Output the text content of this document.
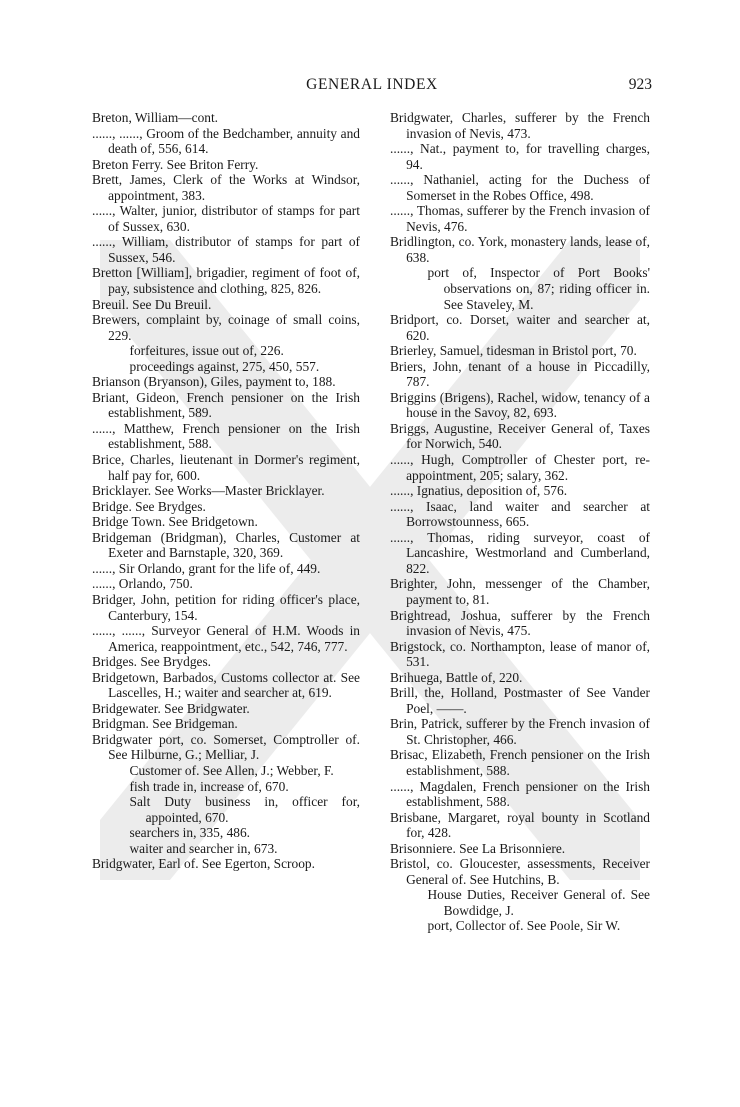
GENERAL INDEX	923
Breton, William—cont.
......, ......, Groom of the Bedchamber, annuity and death of, 556, 614.
Breton Ferry. See Briton Ferry.
Brett, James, Clerk of the Works at Windsor, appointment, 383.
......, Walter, junior, distributor of stamps for part of Sussex, 630.
......, William, distributor of stamps for part of Sussex, 546.
Bretton [William], brigadier, regiment of foot of, pay, subsistence and clothing, 825, 826.
Breuil. See Du Breuil.
Brewers, complaint by, coinage of small coins, 229.
forfeitures, issue out of, 226.
proceedings against, 275, 450, 557.
Brianson (Bryanson), Giles, payment to, 188.
Briant, Gideon, French pensioner on the Irish establishment, 589.
......, Matthew, French pensioner on the Irish establishment, 588.
Brice, Charles, lieutenant in Dormer's regiment, half pay for, 600.
Bricklayer. See Works—Master Bricklayer.
Bridge. See Brydges.
Bridge Town. See Bridgetown.
Bridgeman (Bridgman), Charles, Customer at Exeter and Barnstaple, 320, 369.
......, Sir Orlando, grant for the life of, 449.
......, Orlando, 750.
Bridger, John, petition for riding officer's place, Canterbury, 154.
......, ......, Surveyor General of H.M. Woods in America, reappointment, etc., 542, 746, 777.
Bridges. See Brydges.
Bridgetown, Barbados, Customs collector at. See Lascelles, H.; waiter and searcher at, 619.
Bridgewater. See Bridgwater.
Bridgman. See Bridgeman.
Bridgwater port, co. Somerset, Comptroller of. See Hilburne, G.; Melliar, J.
Customer of. See Allen, J.; Webber, F.
fish trade in, increase of, 670.
Salt Duty business in, officer for, appointed, 670.
searchers in, 335, 486.
waiter and searcher in, 673.
Bridgwater, Earl of. See Egerton, Scroop.
Bridgwater, Charles, sufferer by the French invasion of Nevis, 473.
......, Nat., payment to, for travelling charges, 94.
......, Nathaniel, acting for the Duchess of Somerset in the Robes Office, 498.
......, Thomas, sufferer by the French invasion of Nevis, 476.
Bridlington, co. York, monastery lands, lease of, 638.
port of, Inspector of Port Books' observations on, 87; riding officer in. See Staveley, M.
Bridport, co. Dorset, waiter and searcher at, 620.
Brierley, Samuel, tidesman in Bristol port, 70.
Briers, John, tenant of a house in Piccadilly, 787.
Briggins (Brigens), Rachel, widow, tenancy of a house in the Savoy, 82, 693.
Briggs, Augustine, Receiver General of, Taxes for Norwich, 540.
......, Hugh, Comptroller of Chester port, re-appointment, 205; salary, 362.
......, Ignatius, deposition of, 576.
......, Isaac, land waiter and searcher at Borrowstounness, 665.
......, Thomas, riding surveyor, coast of Lancashire, Westmorland and Cumberland, 822.
Brighter, John, messenger of the Chamber, payment to, 81.
Brightread, Joshua, sufferer by the French invasion of Nevis, 475.
Brigstock, co. Northampton, lease of manor of, 531.
Brihuega, Battle of, 220.
Brill, the, Holland, Postmaster of See Vander Poel, ——.
Brin, Patrick, sufferer by the French invasion of St. Christopher, 466.
Brisac, Elizabeth, French pensioner on the Irish establishment, 588.
......, Magdalen, French pensioner on the Irish establishment, 588.
Brisbane, Margaret, royal bounty in Scotland for, 428.
Brisonniere. See La Brisonniere.
Bristol, co. Gloucester, assessments, Receiver General of. See Hutchins, B.
House Duties, Receiver General of. See Bowdidge, J.
port, Collector of. See Poole, Sir W.
